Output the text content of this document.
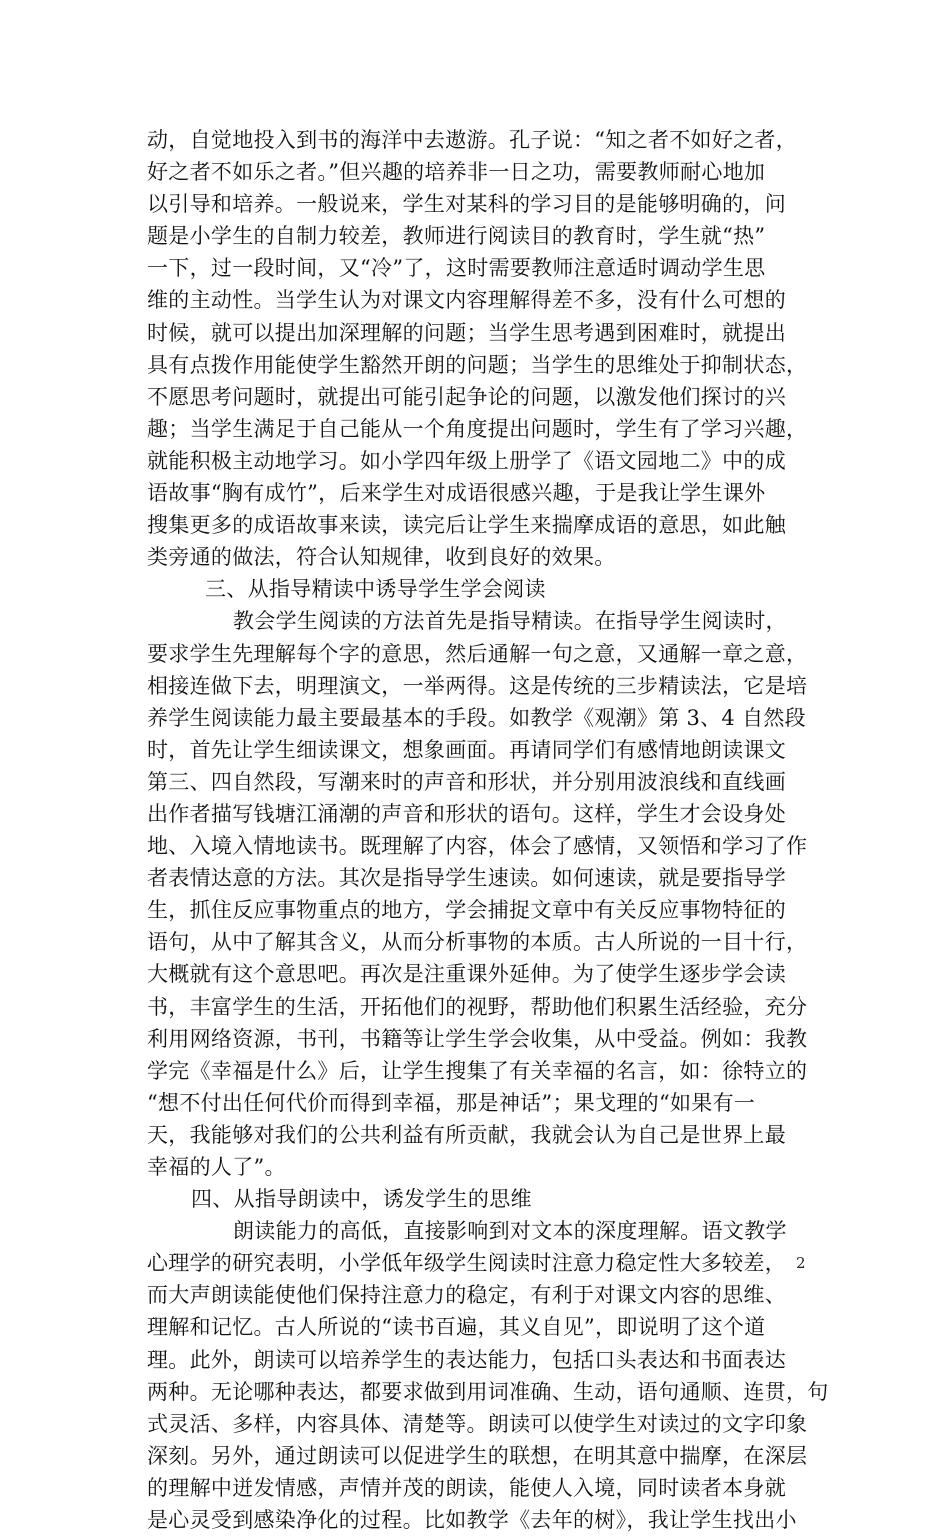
动，自觉地投入到书的海洋中去遨游。孔子说：“知之者不如好之者，
好之者不如乐之者。”但兴趣的培养非一日之功，需要教师耐心地加
以引导和培养。一般说来，学生对某科的学习目的是能够明确的，问
题是小学生的自制力较差，教师进行阅读目的教育时，学生就“热”
一下，过一段时间，又“冷”了，这时需要教师注意适时调动学生思
维的主动性。当学生认为对课文内容理解得差不多，没有什么可想的
时候，就可以提出加深理解的问题；当学生思考遇到困难时，就提出
具有点拨作用能使学生豁然开朗的问题；当学生的思维处于抑制状态，
不愿思考问题时，就提出可能引起争论的问题，以激发他们探讨的兴
趣；当学生满足于自己能从一个角度提出问题时，学生有了学习兴趣，
就能积极主动地学习。如小学四年级上册学了《语文园地二》中的成
语故事“胸有成竹”，后来学生对成语很感兴趣，于是我让学生课外
搜集更多的成语故事来读，读完后让学生来揣摩成语的意思，如此触
类旁通的做法，符合认知规律，收到良好的效果。
三、从指导精读中诱导学生学会阅读
教会学生阅读的方法首先是指导精读。在指导学生阅读时，
要求学生先理解每个字的意思，然后通解一句之意，又通解一章之意，
相接连做下去，明理演文，一举两得。这是传统的三步精读法，它是培
养学生阅读能力最主要最基本的手段。如教学《观潮》第 3、4 自然段
时，首先让学生细读课文，想象画面。再请同学们有感情地朗读课文
第三、四自然段，写潮来时的声音和形状，并分别用波浪线和直线画
出作者描写钱塘江涌潮的声音和形状的语句。这样，学生才会设身处
地、入境入情地读书。既理解了内容，体会了感情，又领悟和学习了作
者表情达意的方法。其次是指导学生速读。如何速读，就是要指导学
生，抓住反应事物重点的地方，学会捕捉文章中有关反应事物特征的
语句，从中了解其含义，从而分析事物的本质。古人所说的一目十行，
大概就有这个意思吧。再次是注重课外延伸。为了使学生逐步学会读
书，丰富学生的生活，开拓他们的视野，帮助他们积累生活经验，充分
利用网络资源，书刊，书籍等让学生学会收集，从中受益。例如：我教
学完《幸福是什么》后，让学生搜集了有关幸福的名言，如：徐特立的
“想不付出任何代价而得到幸福，那是神话”；果戈理的“如果有一
天，我能够对我们的公共利益有所贡献，我就会认为自己是世界上最
幸福的人了”。
四、从指导朗读中，诱发学生的思维
朗读能力的高低，直接影响到对文本的深度理解。语文教学
心理学的研究表明，小学低年级学生阅读时注意力稳定性大多较差，
而大声朗读能使他们保持注意力的稳定，有利于对课文内容的思维、
理解和记忆。古人所说的“读书百遍，其义自见”，即说明了这个道
理。此外，朗读可以培养学生的表达能力，包括口头表达和书面表达
两种。无论哪种表达，都要求做到用词准确、生动，语句通顺、连贯，句
式灵活、多样，内容具体、清楚等。朗读可以使学生对读过的文字印象
深刻。另外，通过朗读可以促进学生的联想，在明其意中揣摩，在深层
的理解中迸发情感，声情并茂的朗读，能使人入境，同时读者本身就
是心灵受到感染净化的过程。比如教学《去年的树》，我让学生找出小
2
